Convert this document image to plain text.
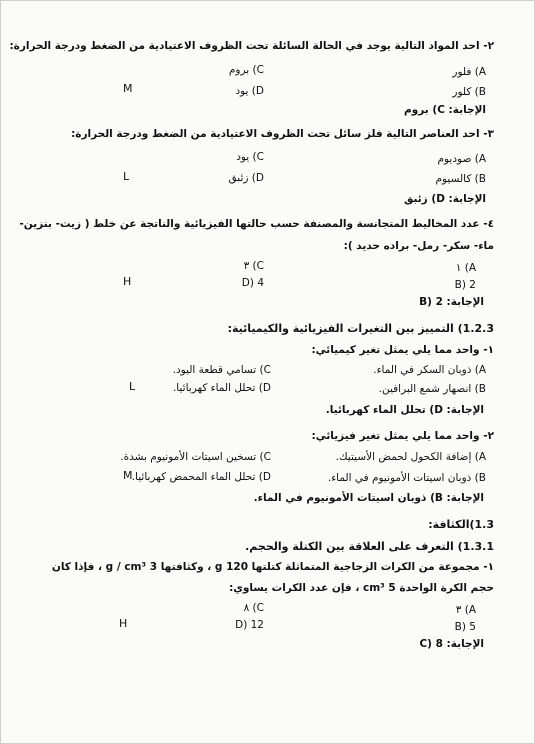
٢- احد المواد التالية يوجد في الحالة السائلة تحت الظروف الاعتيادية من الضغط ودرجة الحرارة:
A) فلور
C) بروم
B) كلور
D) يود
M
الإجابة: C) بروم
٣- احد العناصر التالية فلز سائل تحت الظروف الاعتيادية من الضغط ودرجة الحرارة:
A) صوديوم
C) يود
B) كالسيوم
D) زئبق
L
الإجابة: D) زئبق
٤- عدد المخاليط المتجانسة والمصنفة حسب حالتها الفيزيائية والناتجة عن خلط ( زيت- بنزين-
ماء- سكر- رمل- براده حديد ):
A) ١
C) ٣
B) 2
D) 4
H
الإجابة: B) 2
1.2.3) التمييز بين التغيرات الفيزيائية والكيميائية:
١- واحد مما يلي يمثل تغير كيميائي:
A) ذوبان السكر في الماء.
C) تسامي قطعة اليود.
B) انصهار شمع البرافين.
D) تحلل الماء كهربائيا.
L
الإجابة: D) تحلل الماء كهربائيا.
٢- واحد مما يلي يمثل تغير فيزيائي:
A) إضافة الكحول لحمض الأسيتيك.
C) تسخين اسيتات الأمونيوم بشدة.
B) ذوبان اسيتات الأمونيوم في الماء.
D) تحلل الماء المحمض كهربائيا.
M
الإجابة: B) ذوبان اسيتات الأمونيوم في الماء.
1.3)الكثافة:
1.3.1) التعرف على العلاقة بين الكتلة والحجم.
١- مجموعة من الكرات الزجاجية المتماثلة كتلتها 120 g ، وكثافتها 3 g / cm³ ، فإذا كان
حجم الكرة الواحدة 5 cm³ ، فإن عدد الكرات يساوي:
A) ٣
C) ٨
B) 5
D) 12
H
الإجابة: C) 8
